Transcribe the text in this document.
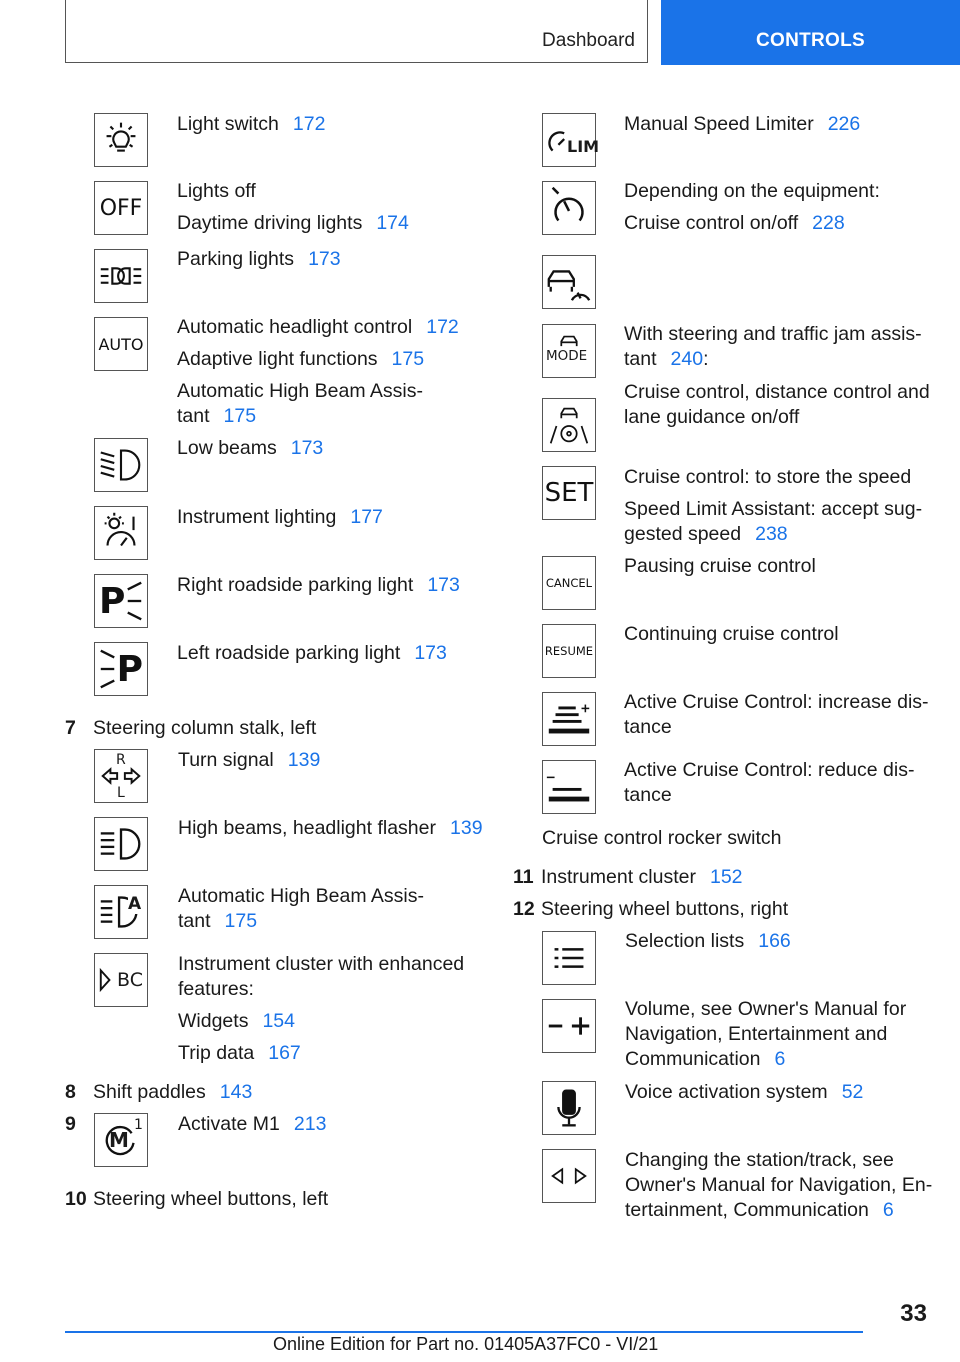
Dashboard	CONTROLS
Light switch 172
OFF
Lights off
Daytime driving lights 174
Parking lights 173
AUTO
Automatic headlight control 172
Adaptive light functions 175
Automatic High Beam Assis-
tant 175
Low beams 173
Instrument lighting 177
P	Right roadside parking light 173
P Left roadside parking light 173
7 Steering column stalk, left
R
L
Turn signal 139
High beams, headlight flasher 139
A Automatic High Beam Assis-
tant 175
BC
Instrument cluster with enhanced
features:
Widgets 154
Trip data 167
8 Shift paddles 143
9
M
1 Activate M1 213
10 Steering wheel buttons, left
LIM
Manual Speed Limiter 226
Depending on the equipment:
Cruise control on/off 228
MODE
With steering and traffic jam assis-
tant 240:
Cruise control, distance control and
lane guidance on/off
SET
Cruise control: to store the speed
Speed Limit Assistant: accept sug-
gested speed 238
CANCEL
Pausing cruise control
RESUME
Continuing cruise control
Active Cruise Control: increase dis-
tance
Active Cruise Control: reduce dis-
tance
Cruise control rocker switch
11 Instrument cluster 152
12 Steering wheel buttons, right
Selection lists 166
Volume, see Owner's Manual for
Navigation, Entertainment and
Communication 6
Voice activation system 52
Changing the station/track, see
Owner's Manual for Navigation, En-
tertainment, Communication 6
33
Online Edition for Part no. 01405A37FC0 - VI/21
